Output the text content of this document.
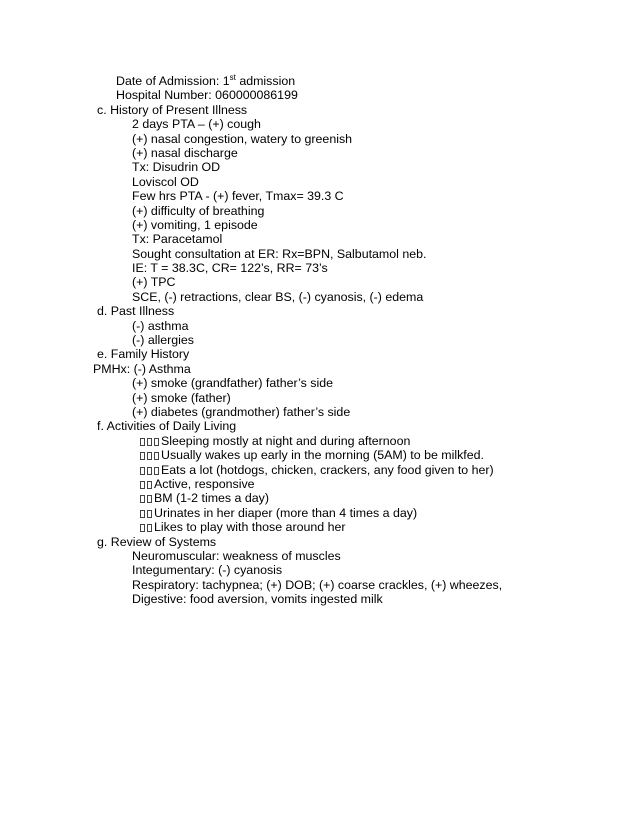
Date of Admission: 1st admission
Hospital Number: 060000086199
c. History of Present Illness
2 days PTA – (+) cough
(+) nasal congestion, watery to greenish
(+) nasal discharge
Tx: Disudrin OD
Loviscol OD
Few hrs PTA - (+) fever, Tmax= 39.3 C
(+) difficulty of breathing
(+) vomiting, 1 episode
Tx: Paracetamol
Sought consultation at ER: Rx=BPN, Salbutamol neb.
IE: T = 38.3C, CR= 122’s, RR= 73’s
(+) TPC
SCE, (-) retractions, clear BS, (-) cyanosis, (-) edema
d. Past Illness
(-) asthma
(-) allergies
e. Family History
PMHx: (-) Asthma
(+) smoke (grandfather) father’s side
(+) smoke (father)
(+) diabetes (grandmother) father’s side
f. Activities of Daily Living
Sleeping mostly at night and during afternoon
Usually wakes up early in the morning (5AM) to be milkfed.
Eats a lot (hotdogs, chicken, crackers, any food given to her)
Active, responsive
BM (1-2 times a day)
Urinates in her diaper (more than 4 times a day)
Likes to play with those around her
g. Review of Systems
Neuromuscular: weakness of muscles
Integumentary: (-) cyanosis
Respiratory: tachypnea; (+) DOB; (+) coarse crackles, (+) wheezes,
Digestive: food aversion, vomits ingested milk
